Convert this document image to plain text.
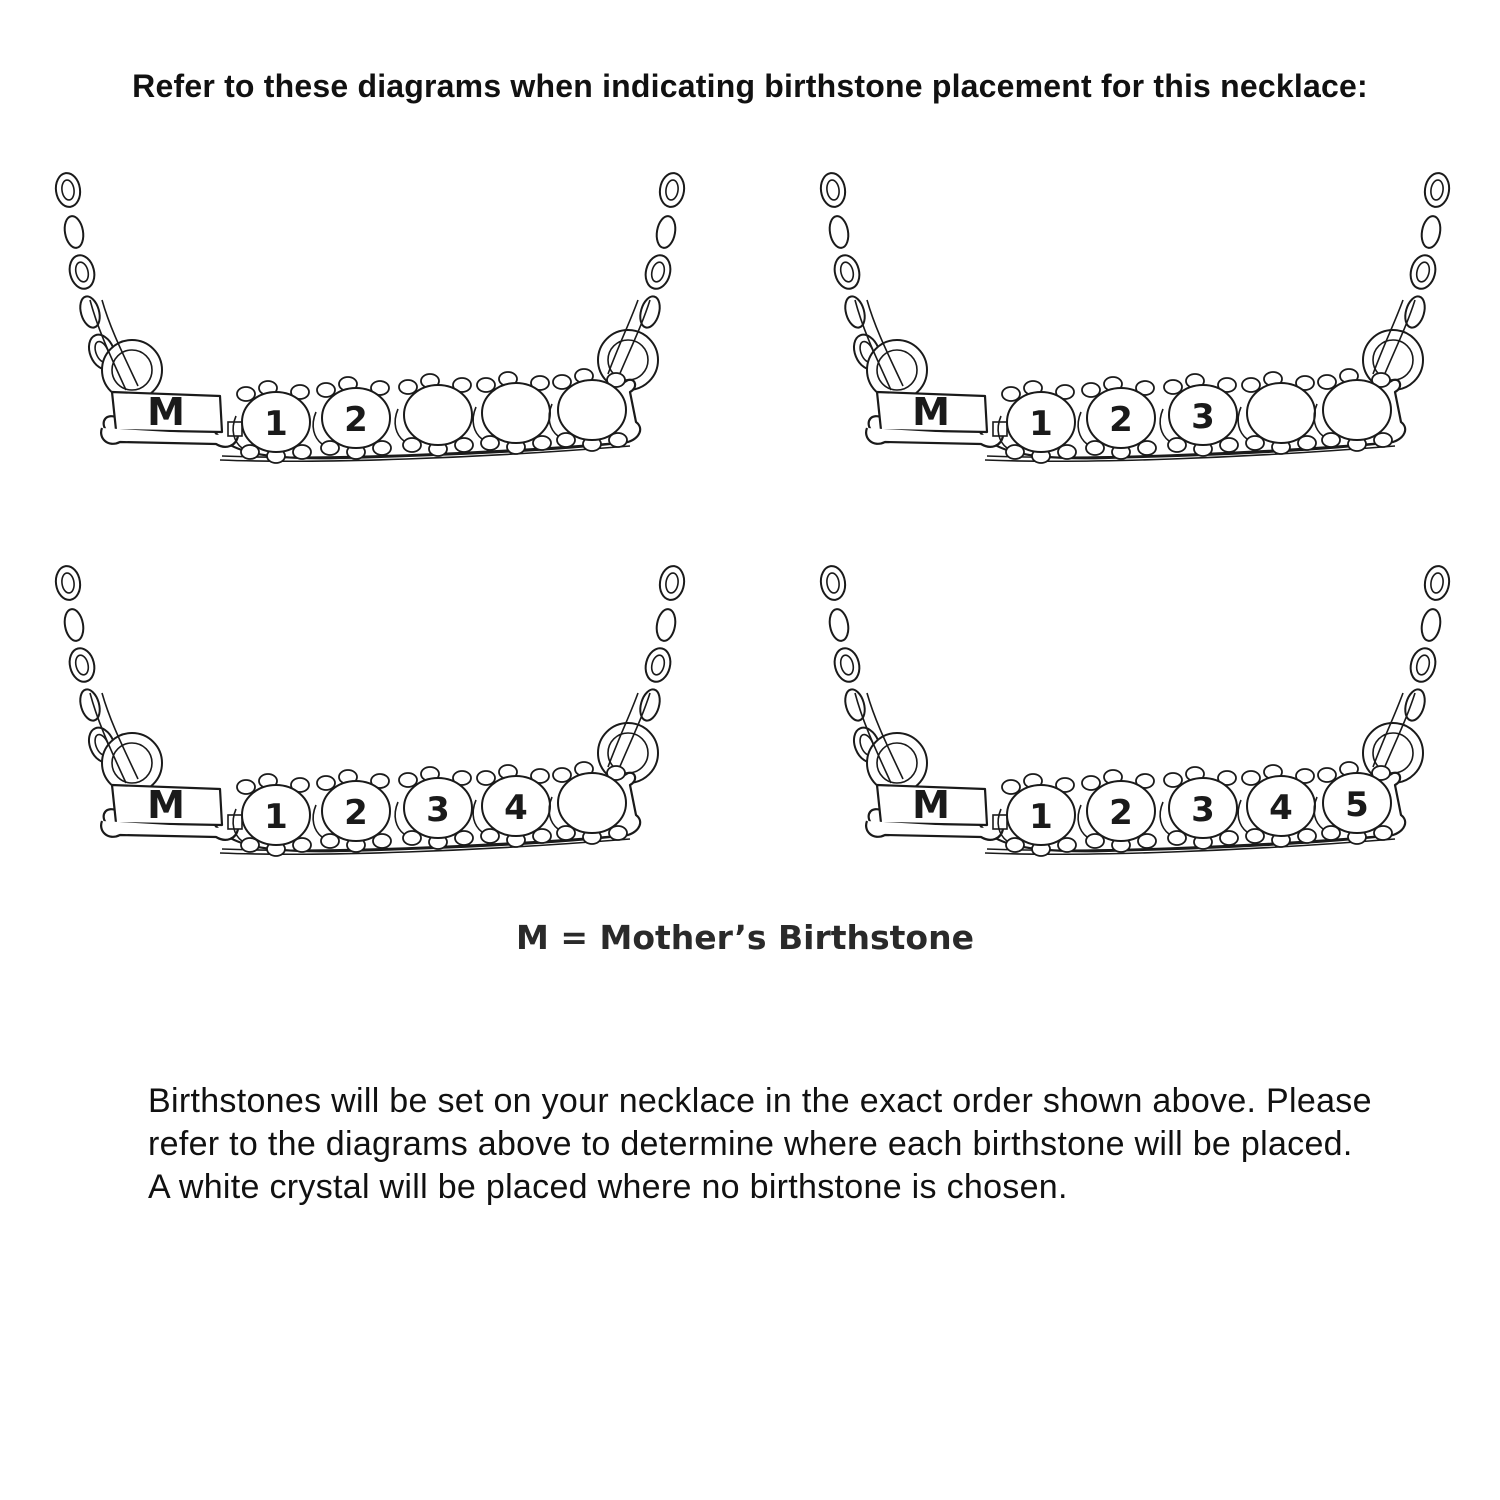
Refer to these diagrams when indicating birthstone placement for this necklace:
M 1 2	M 1 2 3
M 1 2 3 4	M 1 2 3 4 5
M = Mother’s Birthstone
Birthstones will be set on your necklace in the exact order shown above. Please refer to the diagrams above to determine where each birthstone will be placed. A white crystal will be placed where no birthstone is chosen.
